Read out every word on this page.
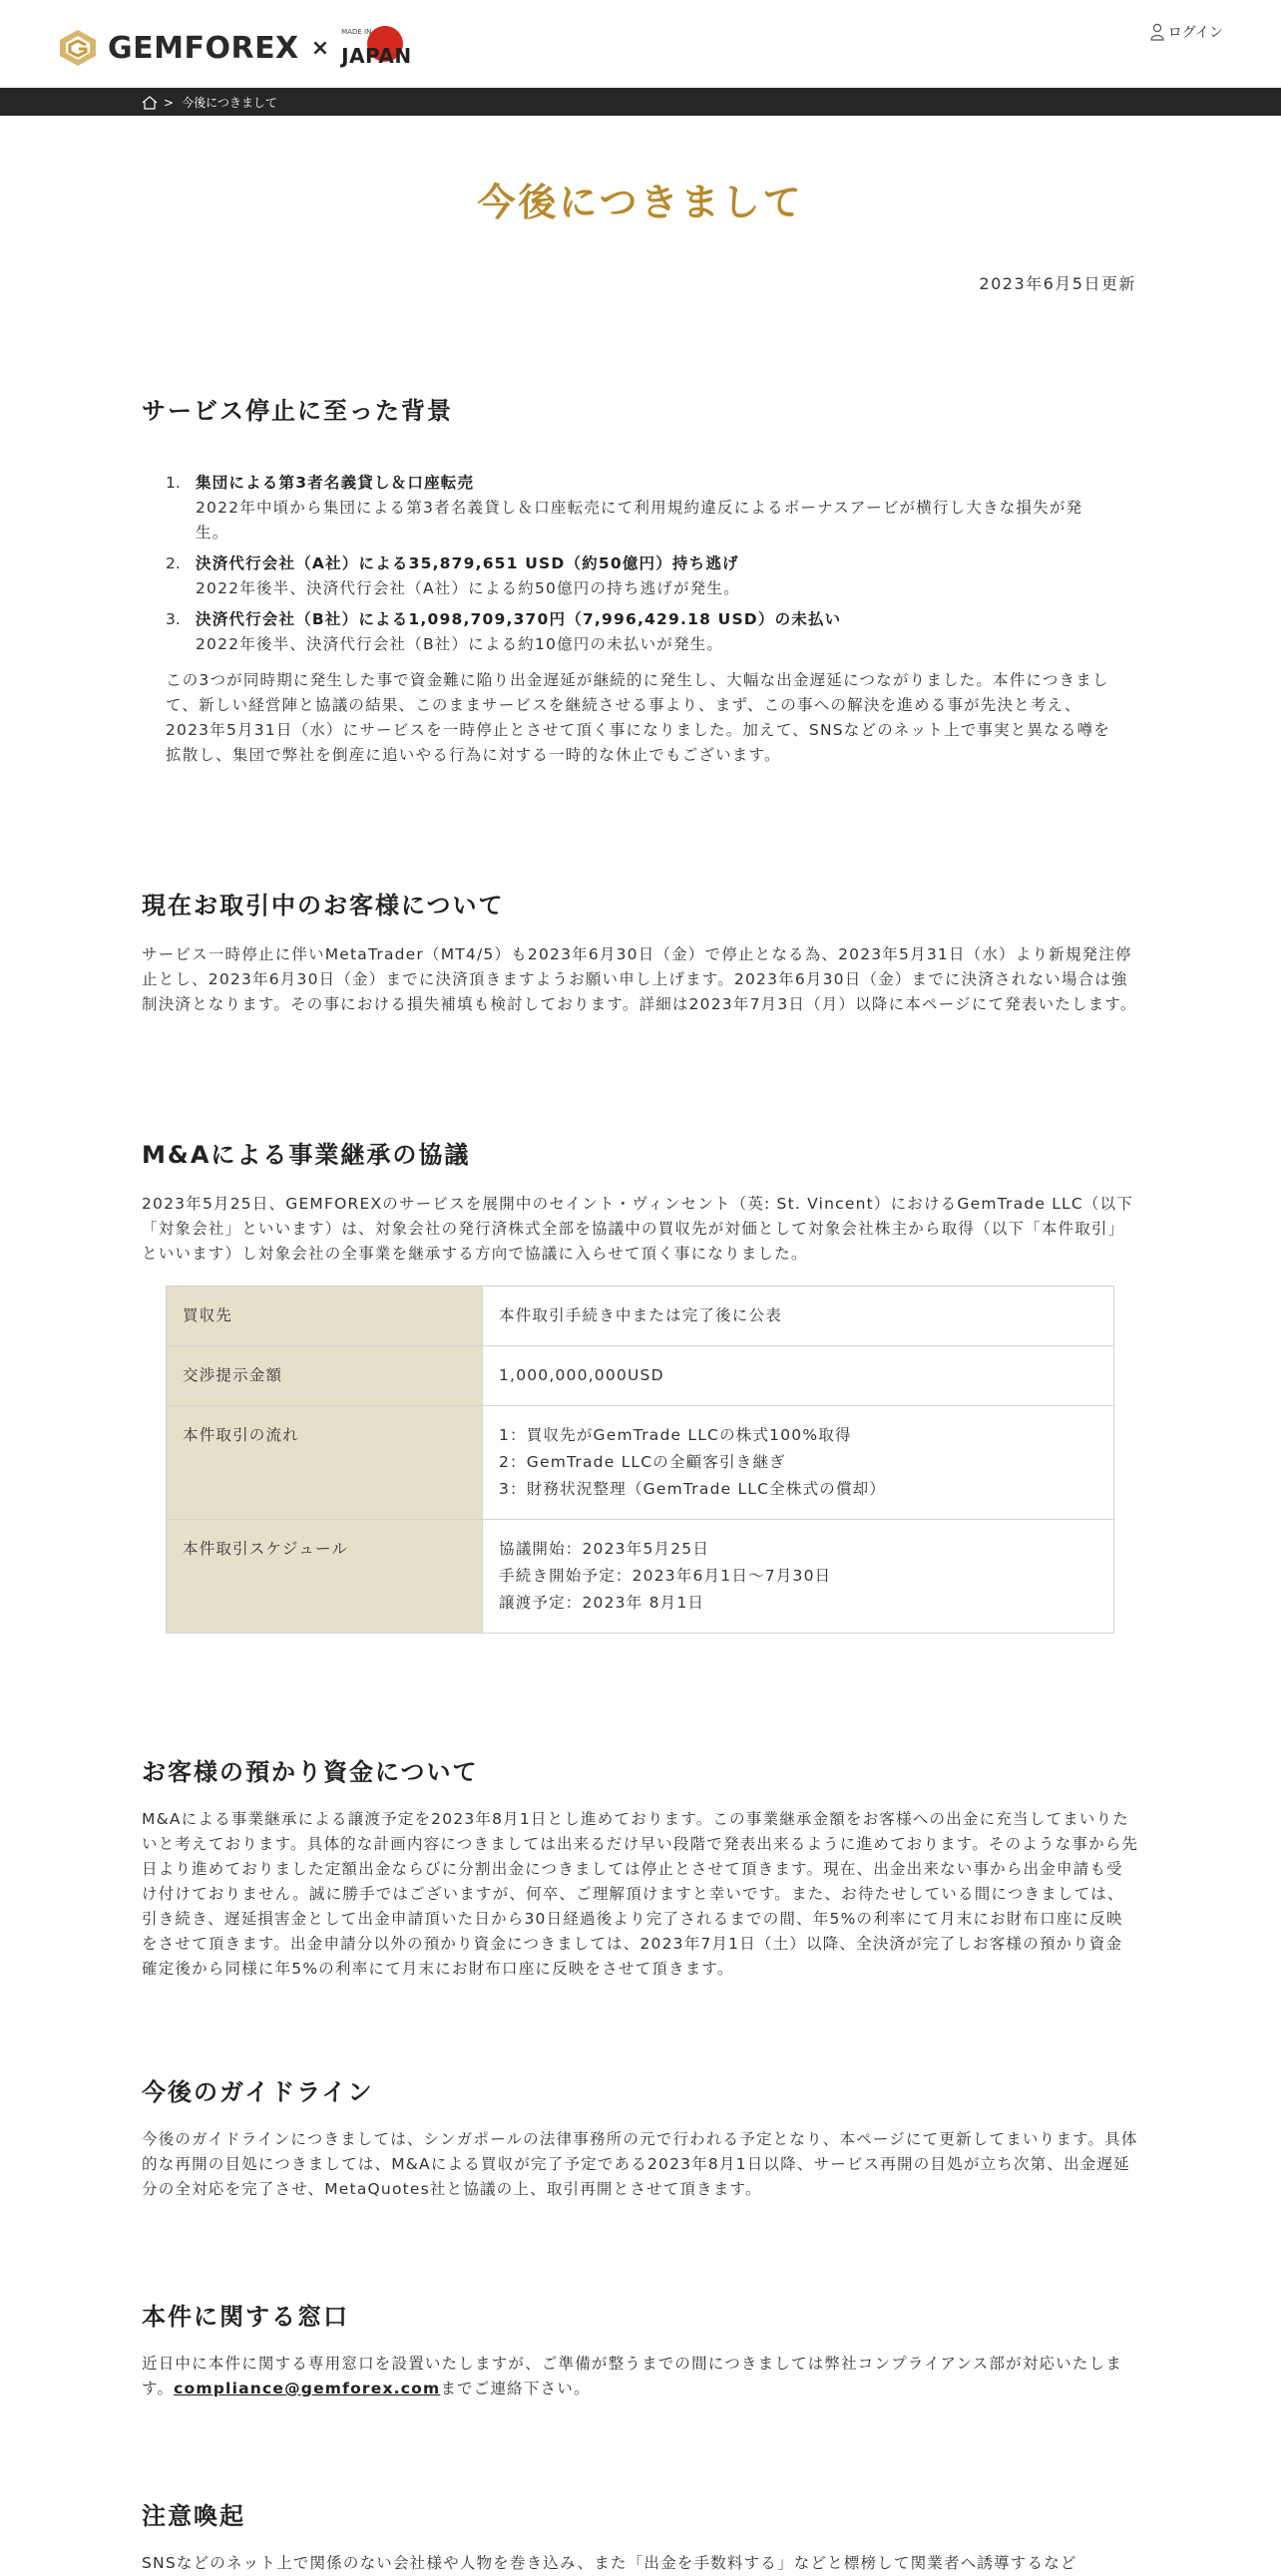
GEMFOREX ×
MADE IN
JAPAN
ログイン
> 今後につきまして
今後につきまして
2023年6月5日更新
サービス停止に至った背景
1. 集団による第3者名義貸し＆口座転売
2022年中頃から集団による第3者名義貸し＆口座転売にて利用規約違反によるボーナスアービが横行し大きな損失が発生。
2. 決済代行会社（A社）による35,879,651 USD（約50億円）持ち逃げ
2022年後半、決済代行会社（A社）による約50億円の持ち逃げが発生。
3. 決済代行会社（B社）による1,098,709,370円（7,996,429.18 USD）の未払い
2022年後半、決済代行会社（B社）による約10億円の未払いが発生。
この3つが同時期に発生した事で資金難に陥り出金遅延が継続的に発生し、大幅な出金遅延につながりました。本件につきまして、新しい経営陣と協議の結果、このままサービスを継続させる事より、まず、この事への解決を進める事が先決と考え、2023年5月31日（水）にサービスを一時停止とさせて頂く事になりました。加えて、SNSなどのネット上で事実と異なる噂を拡散し、集団で弊社を倒産に追いやる行為に対する一時的な休止でもございます。
現在お取引中のお客様について
サービス一時停止に伴いMetaTrader（MT4/5）も2023年6月30日（金）で停止となる為、2023年5月31日（水）より新規発注停止とし、2023年6月30日（金）までに決済頂きますようお願い申し上げます。2023年6月30日（金）までに決済されない場合は強制決済となります。その事における損失補填も検討しております。詳細は2023年7月3日（月）以降に本ページにて発表いたします。
M&Aによる事業継承の協議
2023年5月25日、GEMFOREXのサービスを展開中のセイント・ヴィンセント（英: St. Vincent）におけるGemTrade LLC（以下「対象会社」といいます）は、対象会社の発行済株式全部を協議中の買収先が対価として対象会社株主から取得（以下「本件取引」といいます）し対象会社の全事業を継承する方向で協議に入らせて頂く事になりました。
買収先	本件取引手続き中または完了後に公表

交渉提示金額	1,000,000,000USD

本件取引の流れ	1：買収先がGemTrade LLCの株式100%取得
2：GemTrade LLCの全顧客引き継ぎ
3：財務状況整理（GemTrade LLC全株式の償却）

本件取引スケジュール	協議開始：2023年5月25日
手続き開始予定：2023年6月1日〜7月30日
譲渡予定：2023年 8月1日
お客様の預かり資金について
M&Aによる事業継承による譲渡予定を2023年8月1日とし進めております。この事業継承金額をお客様への出金に充当してまいりたいと考えております。具体的な計画内容につきましては出来るだけ早い段階で発表出来るように進めております。そのような事から先日より進めておりました定額出金ならびに分割出金につきましては停止とさせて頂きます。現在、出金出来ない事から出金申請も受け付けておりません。誠に勝手ではございますが、何卒、ご理解頂けますと幸いです。また、お待たせしている間につきましては、引き続き、遅延損害金として出金申請頂いた日から30日経過後より完了されるまでの間、年5%の利率にて月末にお財布口座に反映をさせて頂きます。出金申請分以外の預かり資金につきましては、2023年7月1日（土）以降、全決済が完了しお客様の預かり資金確定後から同様に年5%の利率にて月末にお財布口座に反映をさせて頂きます。
今後のガイドライン
今後のガイドラインにつきましては、シンガポールの法律事務所の元で行われる予定となり、本ページにて更新してまいります。具体的な再開の目処につきましては、M&Aによる買収が完了予定である2023年8月1日以降、サービス再開の目処が立ち次第、出金遅延分の全対応を完了させ、MetaQuotes社と協議の上、取引再開とさせて頂きます。
本件に関する窓口
近日中に本件に関する専用窓口を設置いたしますが、ご準備が整うまでの間につきましては弊社コンプライアンス部が対応いたします。compliance@gemforex.comまでご連絡下さい。
注意喚起
SNSなどのネット上で関係のない会社様や人物を巻き込み、また「出金を手数料する」などと標榜して関業者へ誘導するなど
